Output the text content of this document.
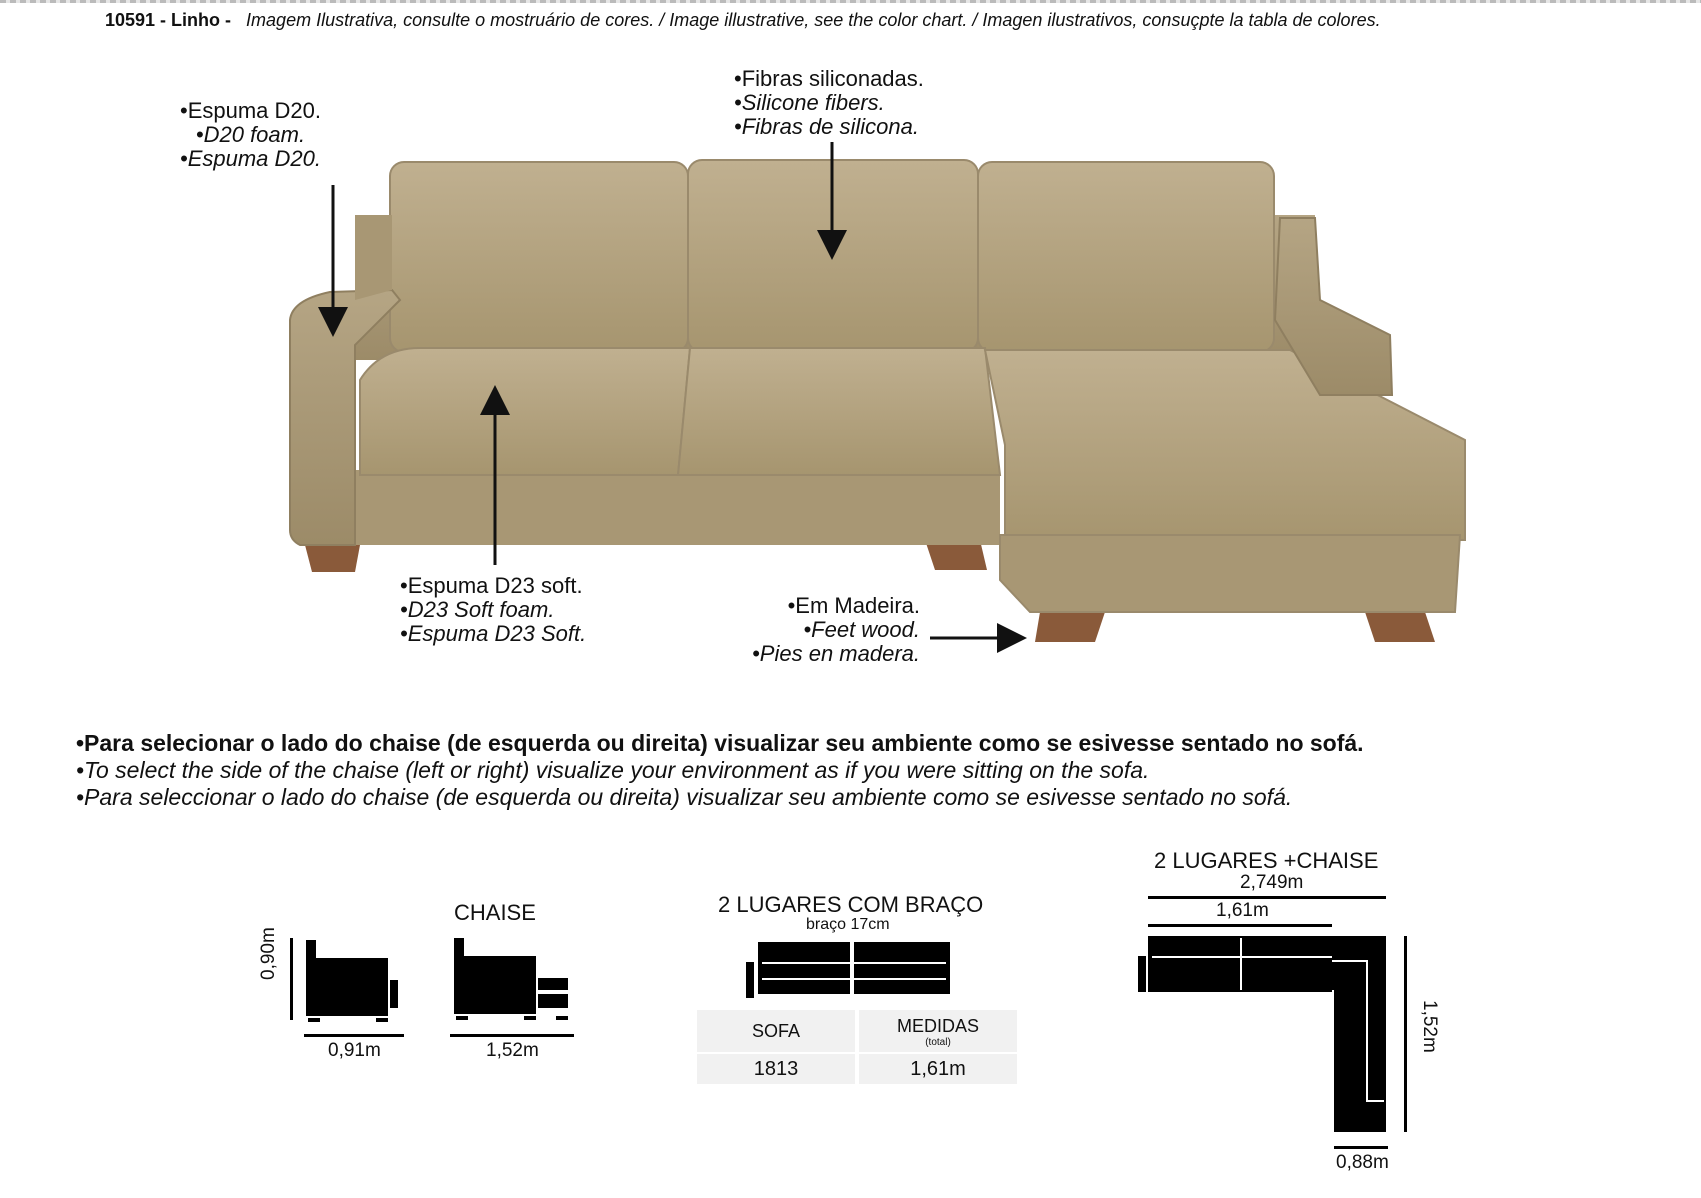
10591 - Linho - Imagem Ilustrativa, consulte o mostruário de cores. / Image illustrative, see the color chart. / Imagen ilustrativos, consuçpte la tabla de colores.
•Espuma D20.
•D20 foam.
•Espuma D20.
•Fibras siliconadas.
•Silicone fibers.
•Fibras de silicona.
•Espuma D23 soft.
•D23 Soft foam.
•Espuma D23 Soft.
•Em Madeira.
•Feet wood.
•Pies en madera.
•Para selecionar o lado do chaise (de esquerda ou direita) visualizar seu ambiente como se esivesse sentado no sofá.
•To select the side of the chaise (left or right) visualize your environment as if you were sitting on the sofa.
•Para seleccionar o lado do chaise (de esquerda ou direita) visualizar seu ambiente como se esivesse sentado no sofá.
0,90m
0,91m
CHAISE
1,52m
2 LUGARES COM BRAÇO
braço 17cm
SOFA	MEDIDAS
(total)
1813	1,61m
2 LUGARES +CHAISE
2,749m
1,61m
1,52m
0,88m
